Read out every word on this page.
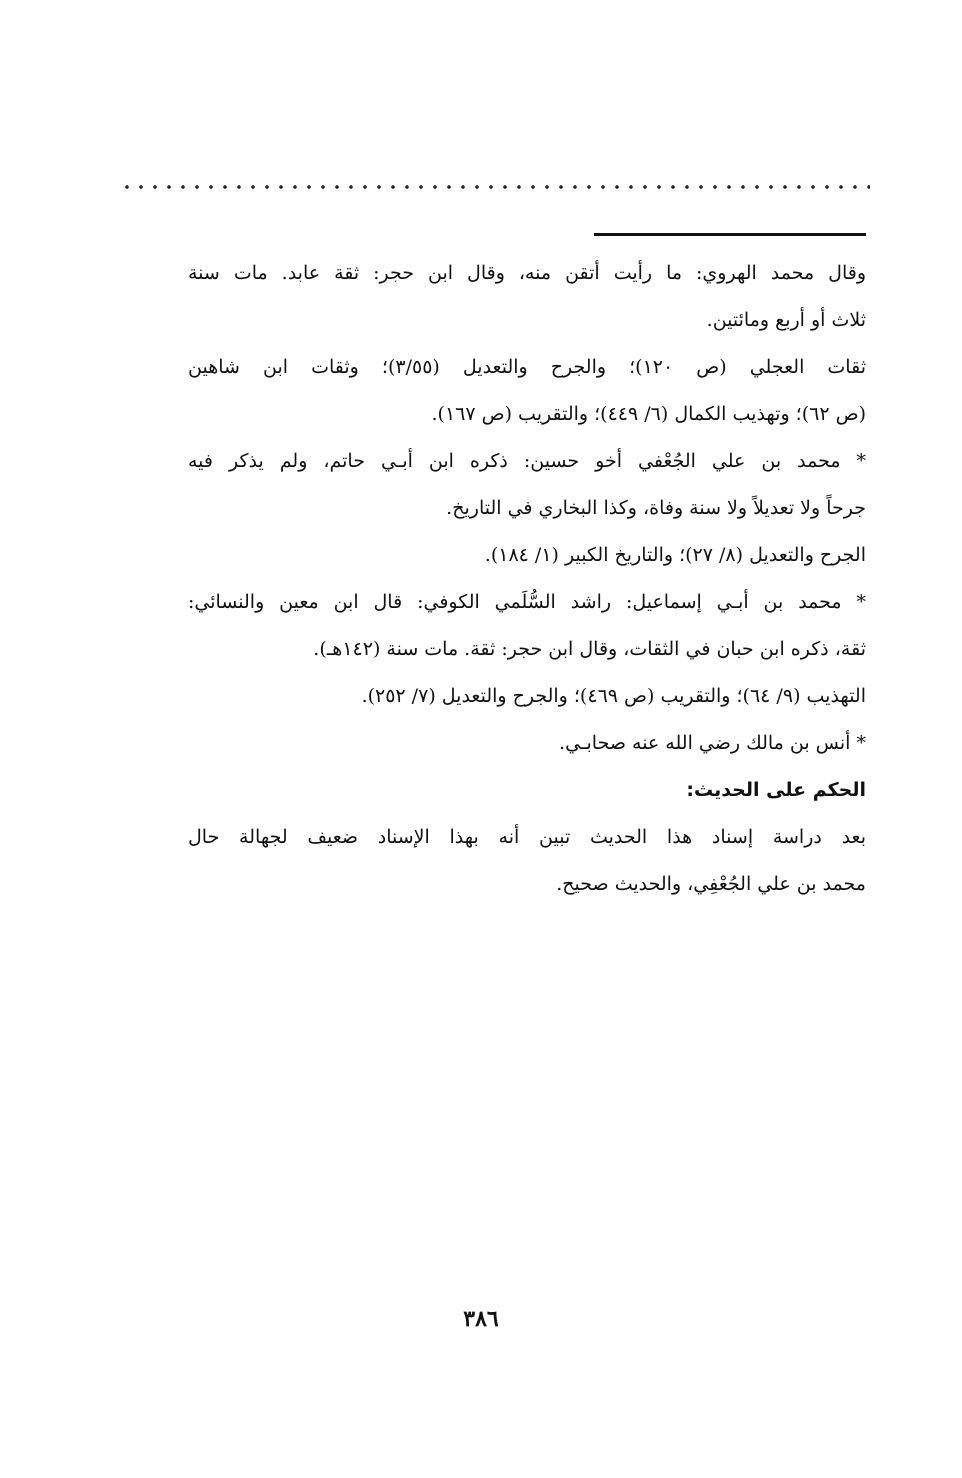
وقال محمد الهروي: ما رأيت أتقن منه، وقال ابن حجر: ثقة عابد. مات سنة
ثلاث أو أربع ومائتين.
ثقات العجلي (ص ١٢٠)؛ والجرح والتعديل (٣/٥٥)؛ وثقات ابن شاهين
(ص ٦٢)؛ وتهذيب الكمال (٦/ ٤٤٩)؛ والتقريب (ص ١٦٧).
* محمد بن علي الجُعْفي أخو حسين: ذكره ابن أبـي حاتم، ولم يذكر فيه
جرحاً ولا تعديلاً ولا سنة وفاة، وكذا البخاري في التاريخ.
الجرح والتعديل (٨/ ٢٧)؛ والتاريخ الكبير (١/ ١٨٤).
* محمد بن أبـي إسماعيل: راشد السُّلَمي الكوفي: قال ابن معين والنسائي:
ثقة، ذكره ابن حبان في الثقات، وقال ابن حجر: ثقة. مات سنة (١٤٢هـ).
التهذيب (٩/ ٦٤)؛ والتقريب (ص ٤٦٩)؛ والجرح والتعديل (٧/ ٢٥٢).
* أنس بن مالك رضي الله عنه صحابـي.
الحكم على الحديث:
بعد دراسة إسناد هذا الحديث تبين أنه بهذا الإسناد ضعيف لجهالة حال
محمد بن علي الجُعْفِي، والحديث صحيح.
٣٨٦
